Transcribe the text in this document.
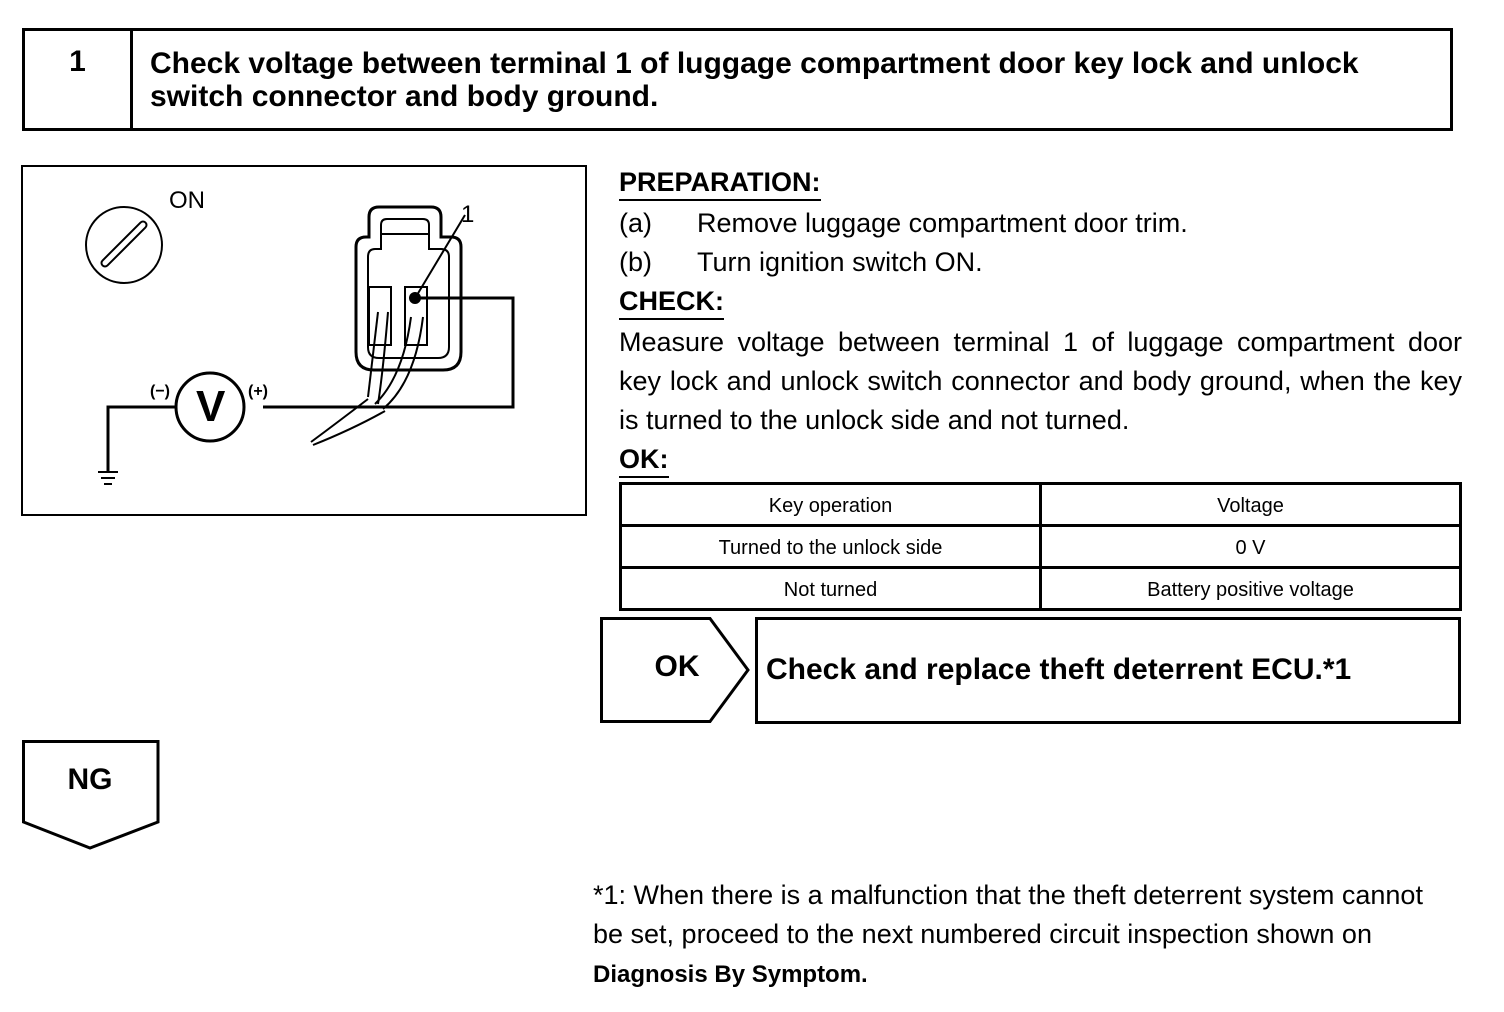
1	Check voltage between terminal 1 of luggage compartment door key lock and unlock switch connector and body ground.
ON
1
V
(−)	(+)
PREPARATION:
(a)	Remove luggage compartment door trim.
(b)	Turn ignition switch ON.
CHECK:
Measure voltage between terminal 1 of luggage compartment door key lock and unlock switch connector and body ground, when the key is turned to the unlock side and not turned.
OK:
Key operation	Voltage
Turned to the unlock side	0 V
Not turned	Battery positive voltage
OK	Check and replace theft deterrent ECU.*1
NG
*1: When there is a malfunction that the theft deterrent system cannot be set, proceed to the next numbered circuit inspection shown on Diagnosis By Symptom.
